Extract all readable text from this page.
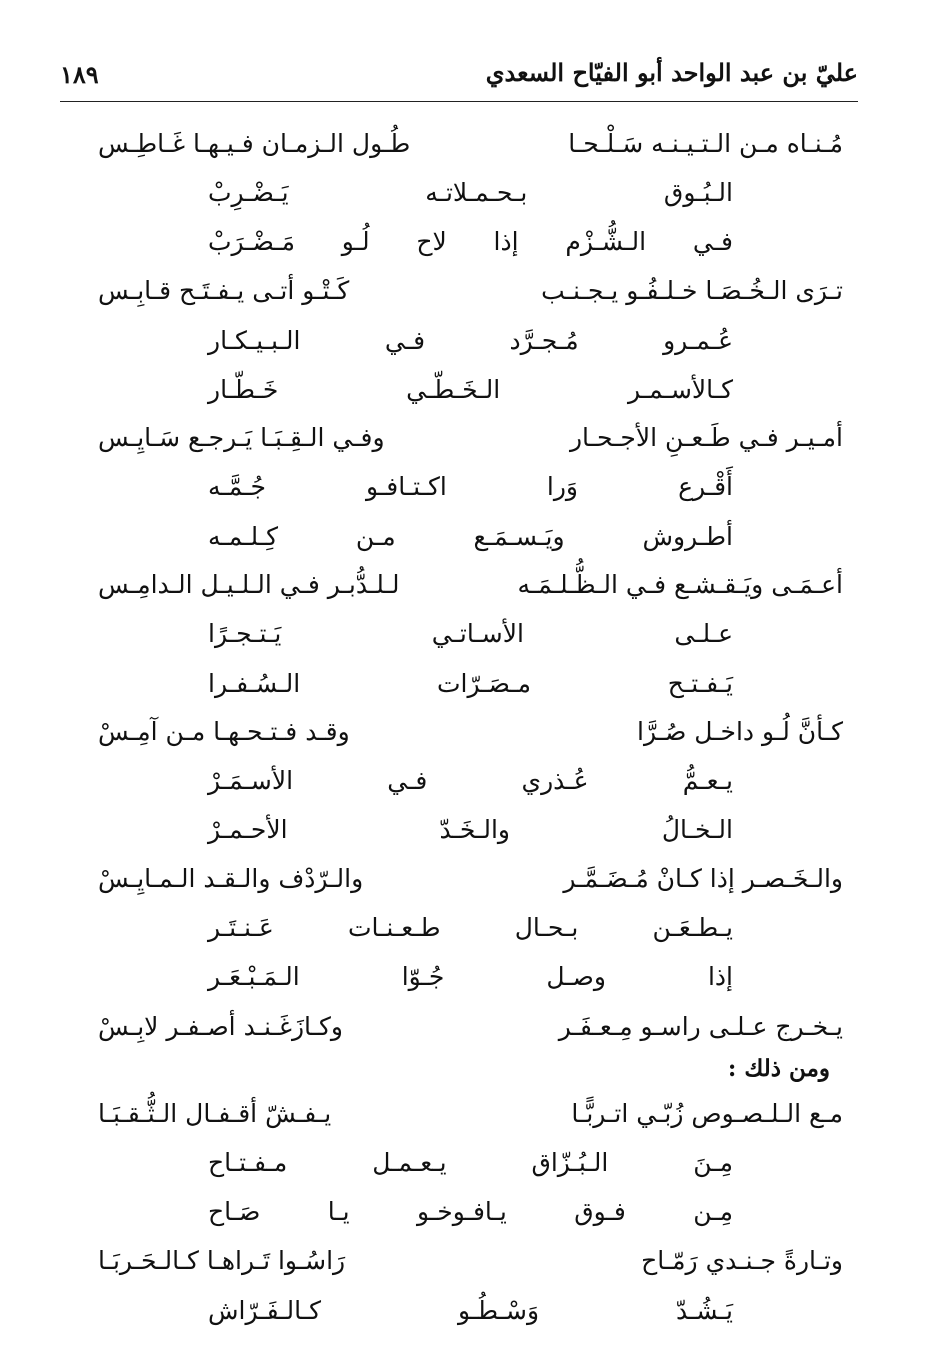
عليّ بن عبد الواحد أبو الفيّاح السعدي
١٨٩
مُـنـاه مـن الـتـيـنـه سَـلْـحـا
طُـول الـزمـان فـيـهـا غَـاطِـس
الـبُـوق بـحـمـلاتـه يَـضْـرِبْ
فـي الـشُّـزْم إذا لاح لُـو مَـضْـرَبْ
تـرَى الـخُـصَـا خـلـفُـو يـجـنـب
كَـتْـو أتـى يـفـتَـح قـابِـس
عُـمـرو مُـجـرَّد فـي الـبـيـكـار
كـالأسـمـر الـخَـطّـي خَـطّـار
أمـيـر فـي طَـعـنِ الأجـحـار
وفـي الـقِـبَـا يَـرجـع سَـايِـس
أَقْـرع وَرا اكـتـافـو جُـمَّـه
أطـروش ويَـسـمَـع مـن كِـلـمـه
أعـمَـى ويَـقـشـع فـي الـظُّـلـمَـه
لـلـدُّبـر فـي الـلـيـل الـدامِـس
عـلـى الأسـاتـي يَـتـجـرًا
يَـفـتـح مـصَـرّات الـسُـفـرا
كـأنَّ لُـو داخـل صُـرَّا
وقـد فـتـحـهـا مـن آمِـسْ
يـعـمُّ عُـذري فـي الأسـمَـرْ
الـخـالُ والـخَـدّ الأحـمـرْ
والـخَـصـر إذا كـانْ مُـضَـمَّـر
والـرّدْف والـقـد الـمـايِـسْ
يـطـعَـن بـحـال طـعـنـات عَـنـتَـر
إذا وصـل جُـوّا الـمَـبْـعَـر
يـخـرج عـلـى راسـو مِـعـفَـر
وكـازَغَـنـد أصـفـر لابِـسْ
ومن ذلك :
مـع الـلـصـوص زُبّـي اتـربًّـا
يـفـشّ أقـفـال الـثُّـقـبَـا
مِـنَ الـبُـزّاق يـعـمـل مـفـتـاح
مِـن فـوق يـافـوخـو يـا صَـاح
وتـارةً جـنـدي رَمّـاح
رَاسُـوا تَـراهـا كـالـحَـربَـا
يَـشُـدّ وَسْـطُـو كـالـفَـرّاش
